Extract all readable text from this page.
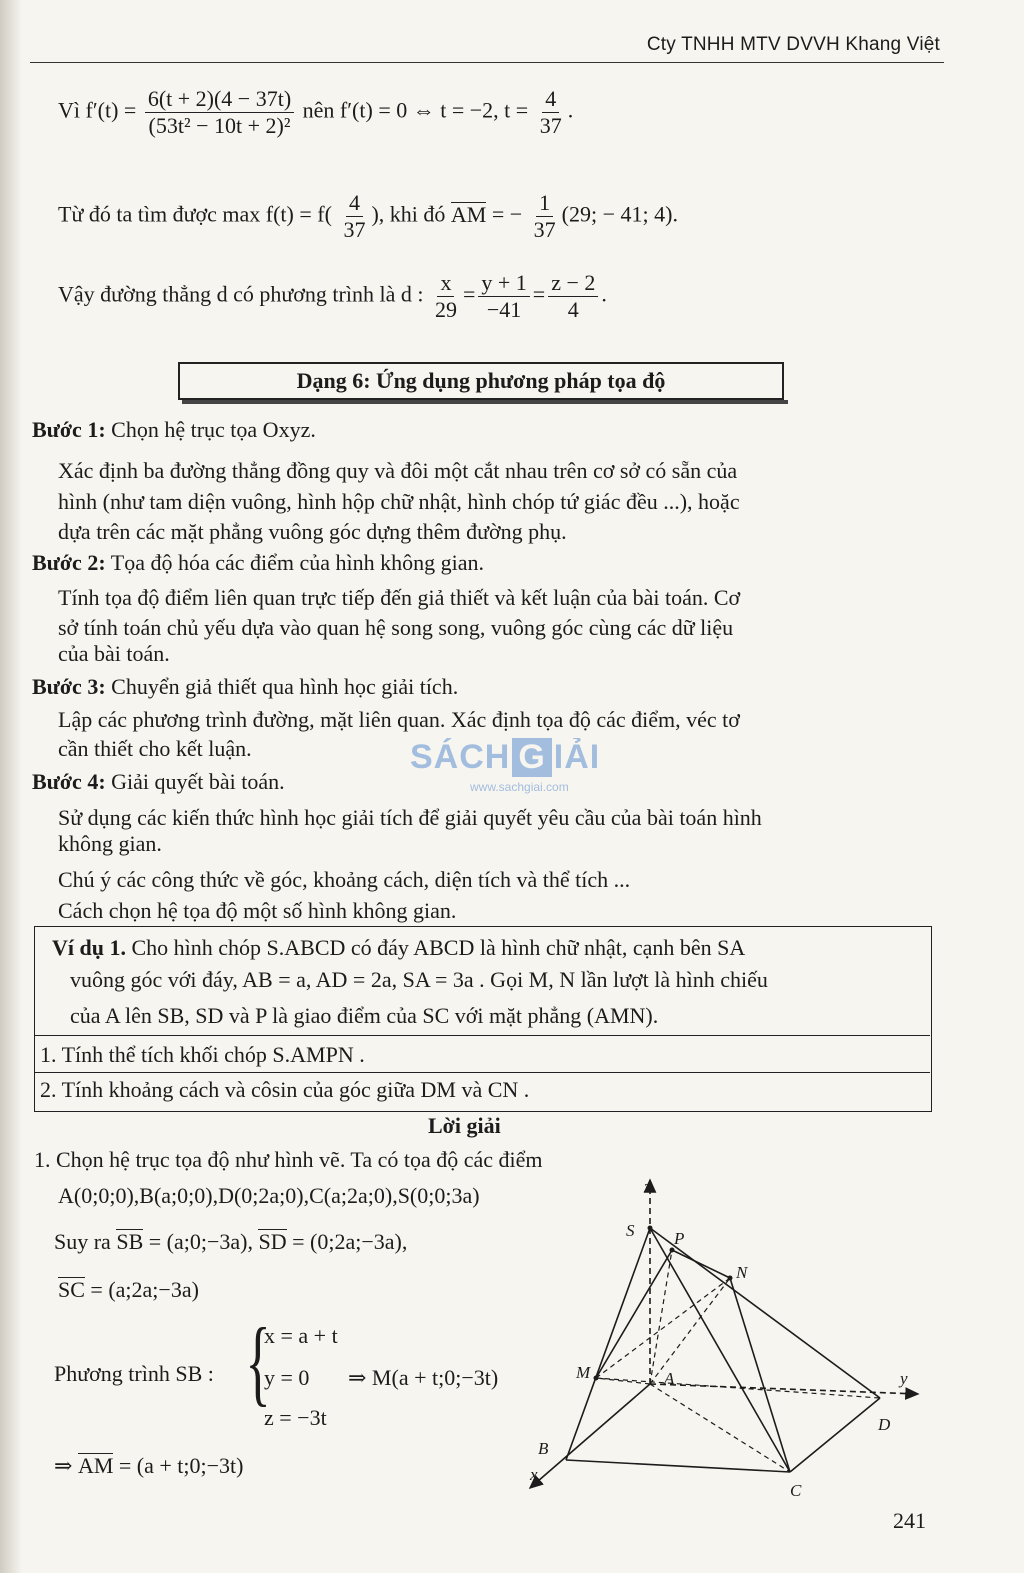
Cty TNHH MTV DVVH Khang Việt
Vì $f'(t) = \frac{6(t + 2)(4 - 37t)}{\text{(53t² − 10t + 2)²}}$ nên f′(t) = 0 ⇔ t = −2, $t = \frac{4}{37}$ .
Từ đó ta tìm được $\max f(t) = f( \frac{4}{37}$ ), khi đó AM = − $\frac{1}{37} (29$; − 41; 4).
Vậy đường thẳng d có phương trình là d : $\frac{x}{29} = \frac{y + 1}{-41} = \frac{z - 2}{4}$ .
Dạng 6: Ứng dụng phương pháp tọa độ
Bước 1: Chọn hệ trục tọa Oxyz.
Xác định ba đường thẳng đồng quy và đôi một cắt nhau trên cơ sở có sẵn của
hình (như tam diện vuông, hình hộp chữ nhật, hình chóp tứ giác đều ...), hoặc
dựa trên các mặt phẳng vuông góc dựng thêm đường phụ.
Bước 2: Tọa độ hóa các điểm của hình không gian.
Tính tọa độ điểm liên quan trực tiếp đến giả thiết và kết luận của bài toán. Cơ
sở tính toán chủ yếu dựa vào quan hệ song song, vuông góc cùng các dữ liệu
của bài toán.
Bước 3: Chuyển giả thiết qua hình học giải tích.
Lập các phương trình đường, mặt liên quan. Xác định tọa độ các điểm, véc tơ
cần thiết cho kết luận.
Bước 4: Giải quyết bài toán.
Sử dụng các kiến thức hình học giải tích để giải quyết yêu cầu của bài toán hình
không gian.
Chú ý các công thức về góc, khoảng cách, diện tích và thể tích ...
Cách chọn hệ tọa độ một số hình không gian.
SÁCH G IẢI
www.sachgiai.com
Ví dụ 1. Cho hình chóp S.ABCD có đáy ABCD là hình chữ nhật, cạnh bên SA
vuông góc với đáy, AB = a, AD = 2a, SA = 3a . Gọi M, N lần lượt là hình chiếu
của A lên SB, SD và P là giao điểm của SC với mặt phẳng (AMN).
1. Tính thể tích khối chóp S.AMPN .
2. Tính khoảng cách và côsin của góc giữa DM và CN .
Lời giải
1. Chọn hệ trục tọa độ như hình vẽ. Ta có tọa độ các điểm
A(0;0;0),B(a;0;0),D(0;2a;0),C(a;2a;0),S(0;0;3a)
Suy ra SB = (a;0;−3a), SD = (0;2a;−3a),
SC = (a;2a;−3a)
Phương trình SB : {
x = a + t
y = 0
z = −3t
⇒ M(a + t;0;−3t)
⇒ AM = (a + t;0;−3t)
z
S P
N
M	A	y
D
B
x
C
241
